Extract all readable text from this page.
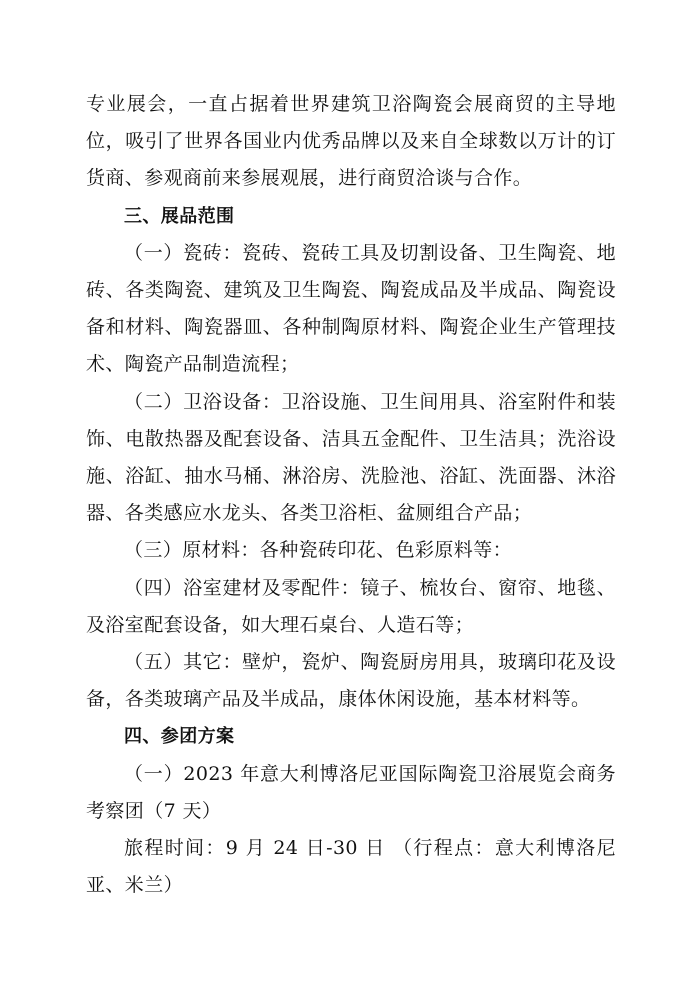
专业展会，一直占据着世界建筑卫浴陶瓷会展商贸的主导地位，吸引了世界各国业内优秀品牌以及来自全球数以万计的订货商、参观商前来参展观展，进行商贸洽谈与合作。

三、展品范围

（一）瓷砖：瓷砖、瓷砖工具及切割设备、卫生陶瓷、地砖、各类陶瓷、建筑及卫生陶瓷、陶瓷成品及半成品、陶瓷设备和材料、陶瓷器皿、各种制陶原材料、陶瓷企业生产管理技术、陶瓷产品制造流程；

（二）卫浴设备：卫浴设施、卫生间用具、浴室附件和装饰、电散热器及配套设备、洁具五金配件、卫生洁具；洗浴设施、浴缸、抽水马桶、淋浴房、洗脸池、浴缸、洗面器、沐浴器、各类感应水龙头、各类卫浴柜、盆厕组合产品；

（三）原材料：各种瓷砖印花、色彩原料等：

（四）浴室建材及零配件：镜子、梳妆台、窗帘、地毯、及浴室配套设备，如大理石桌台、人造石等；

（五）其它：壁炉，瓷炉、陶瓷厨房用具，玻璃印花及设备，各类玻璃产品及半成品，康体休闲设施，基本材料等。

四、参团方案

（一）2023 年意大利博洛尼亚国际陶瓷卫浴展览会商务考察团（7 天）

旅程时间：9 月 24 日-30 日 （行程点：意大利博洛尼亚、米兰）
